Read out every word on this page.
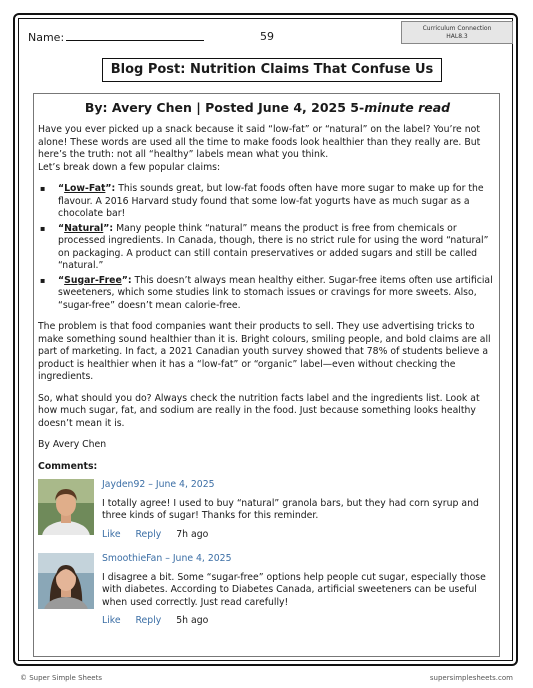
Name:	59
Curriculum Connection
HAL8.3
Blog Post: Nutrition Claims That Confuse Us
By: Avery Chen | Posted June 4, 2025 5-minute read

Have you ever picked up a snack because it said “low-fat” or “natural” on the label? You’re not alone! These words are used all the time to make foods look healthier than they really are. But here’s the truth: not all “healthy” labels mean what you think.
Let’s break down a few popular claims:

▪ “Low-Fat”: This sounds great, but low-fat foods often have more sugar to make up for the flavour. A 2016 Harvard study found that some low-fat yogurts have as much sugar as a chocolate bar!
▪ “Natural”: Many people think “natural” means the product is free from chemicals or processed ingredients. In Canada, though, there is no strict rule for using the word “natural” on packaging. A product can still contain preservatives or added sugars and still be called “natural.”
▪ “Sugar-Free”: This doesn’t always mean healthy either. Sugar-free items often use artificial sweeteners, which some studies link to stomach issues or cravings for more sweets. Also, “sugar-free” doesn’t mean calorie-free.

The problem is that food companies want their products to sell. They use advertising tricks to make something sound healthier than it is. Bright colours, smiling people, and bold claims are all part of marketing. In fact, a 2021 Canadian youth survey showed that 78% of students believe a product is healthier when it has a “low-fat” or “organic” label—even without checking the ingredients.

So, what should you do? Always check the nutrition facts label and the ingredients list. Look at how much sugar, fat, and sodium are really in the food. Just because something looks healthy doesn’t mean it is.

By Avery Chen

Comments:
Jayden92 – June 4, 2025
I totally agree! I used to buy “natural” granola bars, but they had corn syrup and three kinds of sugar! Thanks for this reminder.
Like Reply 7h ago
SmoothieFan – June 4, 2025
I disagree a bit. Some “sugar-free” options help people cut sugar, especially those with diabetes. According to Diabetes Canada, artificial sweeteners can be useful when used correctly. Just read carefully!
Like Reply 5h ago
© Super Simple Sheets	supersimplesheets.com
